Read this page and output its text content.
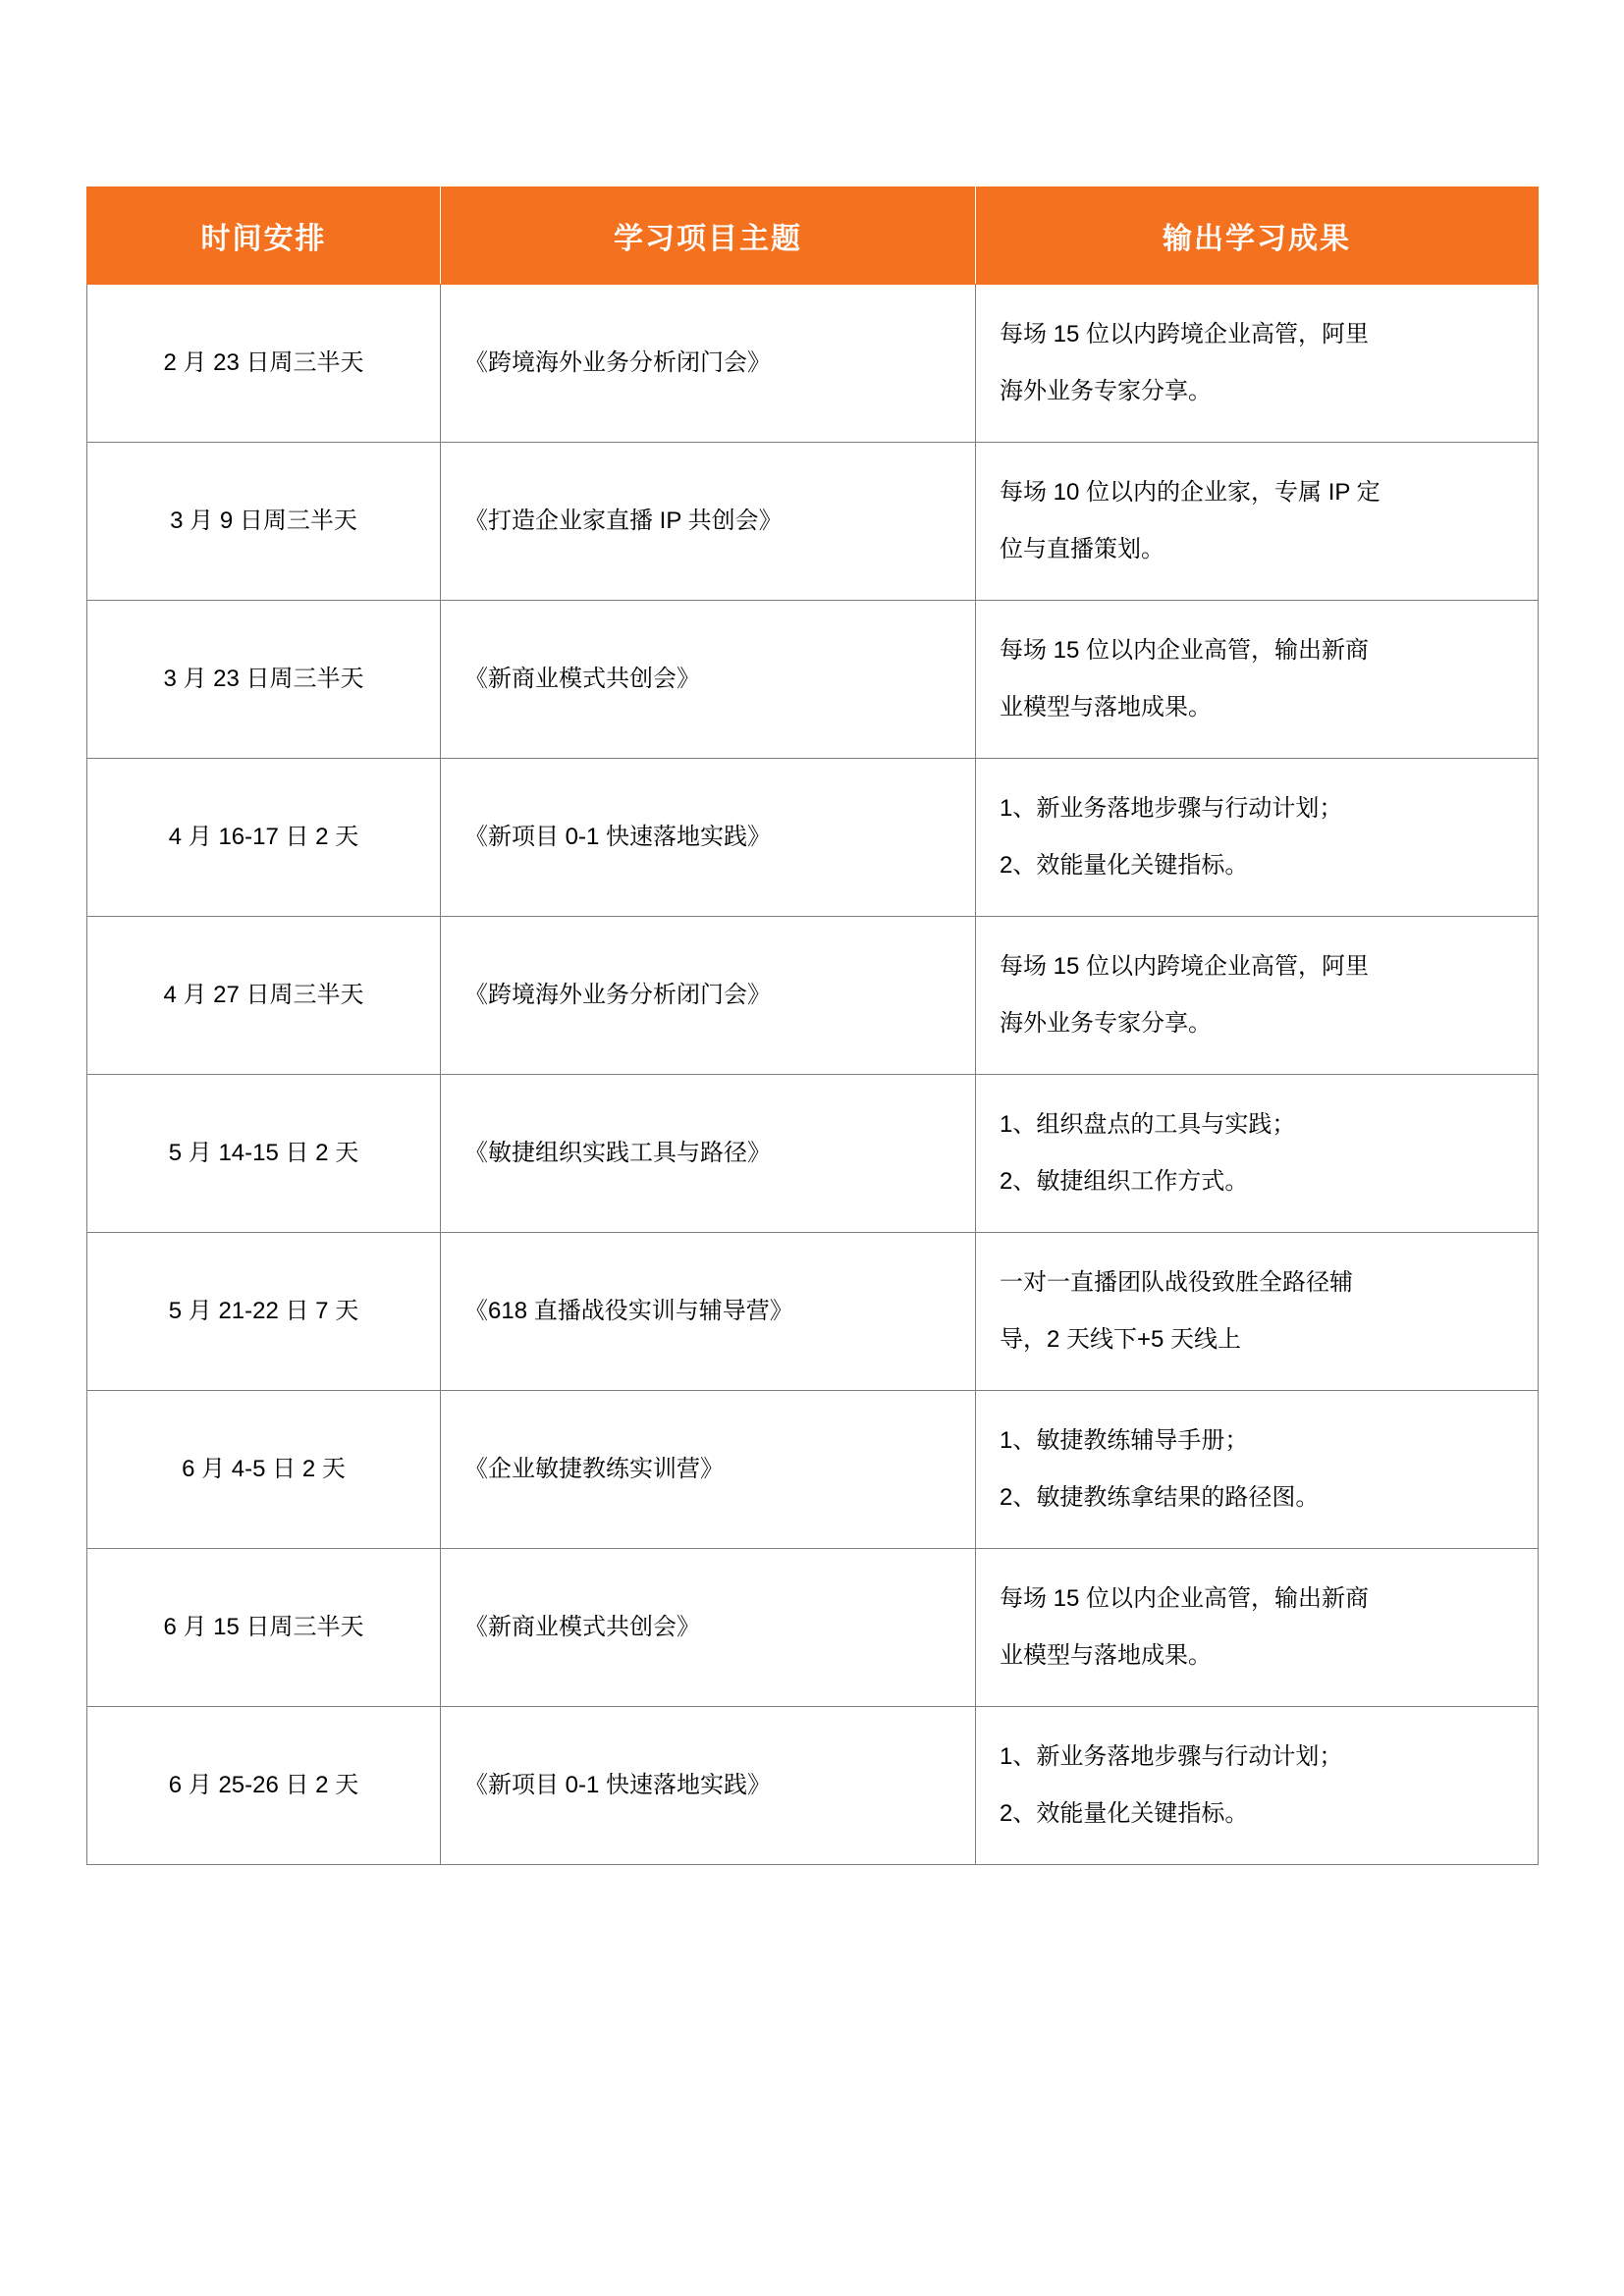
时间安排	学习项目主题	输出学习成果
2 月 23 日周三半天	《跨境海外业务分析闭门会》	每场 15 位以内跨境企业高管，阿里
海外业务专家分享。

3 月 9 日周三半天	《打造企业家直播 IP 共创会》	每场 10 位以内的企业家，专属 IP 定
位与直播策划。

3 月 23 日周三半天	《新商业模式共创会》	每场 15 位以内企业高管，输出新商
业模型与落地成果。

4 月 16-17 日 2 天	《新项目 0-1 快速落地实践》	1、新业务落地步骤与行动计划；
2、效能量化关键指标。

4 月 27 日周三半天	《跨境海外业务分析闭门会》	每场 15 位以内跨境企业高管，阿里
海外业务专家分享。

5 月 14-15 日 2 天	《敏捷组织实践工具与路径》	1、组织盘点的工具与实践；
2、敏捷组织工作方式。

5 月 21-22 日 7 天	《618 直播战役实训与辅导营》	一对一直播团队战役致胜全路径辅
导，2 天线下+5 天线上

6 月 4-5 日 2 天	《企业敏捷教练实训营》	1、敏捷教练辅导手册；
2、敏捷教练拿结果的路径图。

6 月 15 日周三半天	《新商业模式共创会》	每场 15 位以内企业高管，输出新商
业模型与落地成果。

6 月 25-26 日 2 天	《新项目 0-1 快速落地实践》	1、新业务落地步骤与行动计划；
2、效能量化关键指标。
